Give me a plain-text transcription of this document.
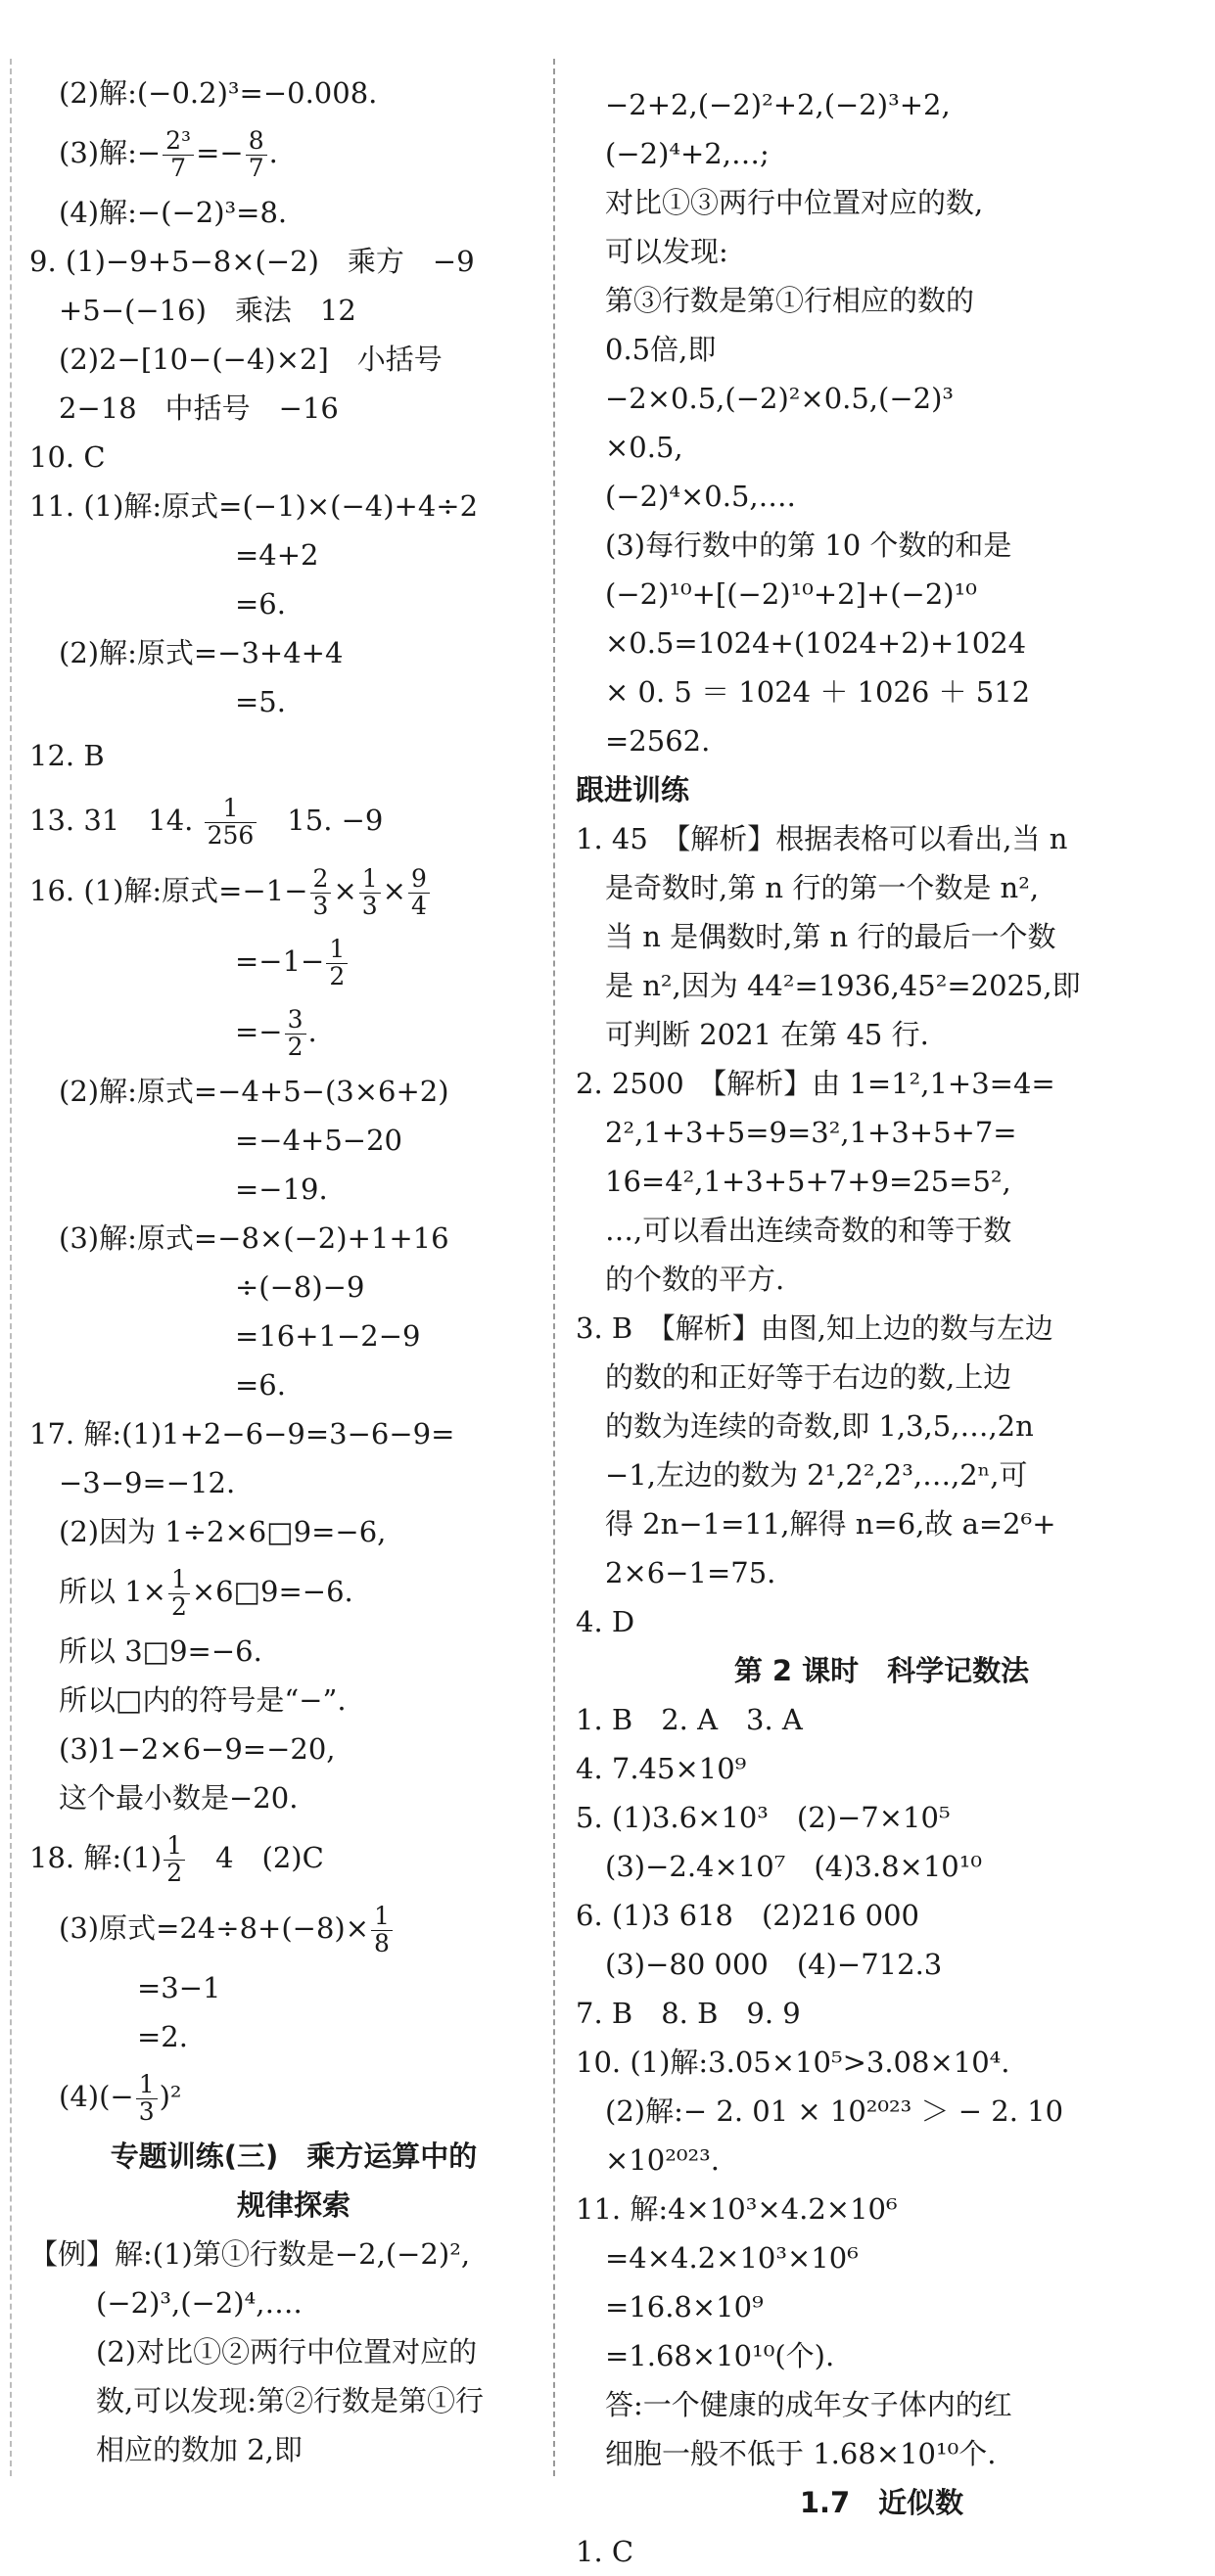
(2)解:(−0.2)³=−0.008.
(3)解:− $\frac{\text{2³}}{7} =- \frac{8}{7}$ .
(4)解:−(−2)³=8.
9. (1)−9+5−8×(−2)　乘方　−9
+5−(−16)　乘法　12
(2)2−[10−(−4)×2]　小括号
2−18　中括号　−16
10. C
11. (1)解:原式=(−1)×(−4)+4÷2
=4+2
=6.
(2)解:原式=−3+4+4
=5.
12. B
13. 31　14. $\frac{1}{256}$ 　15. −9
16. (1)解:原式$=-1- \frac{2}{3} \times \frac{1}{3} \times \frac{9}{4}$
$=-1- \frac{1}{2}$
=− $\frac{3}{2}$ .
(2)解:原式=−4+5−(3×6+2)
=−4+5−20
=−19.
(3)解:原式=−8×(−2)+1+16
÷(−8)−9
=16+1−2−9
=6.
17. 解:(1)1+2−6−9=3−6−9=
−3−9=−12.
(2)因为 1÷2×6□9=−6,
所以 $1\times \frac{1}{2}$ ×6□9=−6.
所以 3□9=−6.
所以□内的符号是“−”.
(3)1−2×6−9=−20,
这个最小数是−20.
18. 解:(1) $\frac{1}{2}$ 　4　(2)C
(3)原式$=24\div 8+(-8)\times \frac{1}{8}$
=3−1
=2.
$(4)(- \frac{1}{3} )^2$
专题训练(三)　乘方运算中的
规律探索
【例】解:(1)第①行数是−2,(−2)²,
(−2)³,(−2)⁴,….
(2)对比①②两行中位置对应的
数,可以发现:第②行数是第①行
相应的数加 2,即
−2+2,(−2)²+2,(−2)³+2,
(−2)⁴+2,…;
对比①③两行中位置对应的数,
可以发现:
第③行数是第①行相应的数的
0.5倍,即
−2×0.5,(−2)²×0.5,(−2)³
×0.5,
(−2)⁴×0.5,….
(3)每行数中的第 10 个数的和是
(−2)¹⁰+[(−2)¹⁰+2]+(−2)¹⁰
×0.5=1024+(1024+2)+1024
× 0. 5 ＝ 1024 ＋ 1026 ＋ 512
=2562.
跟进训练
1. 45　【解析】根据表格可以看出,当 n
是奇数时,第 n 行的第一个数是 n²,
当 n 是偶数时,第 n 行的最后一个数
是 n²,因为 44²=1936,45²=2025,即
可判断 2021 在第 45 行.
2. 2500　【解析】由 1=1²,1+3=4=
2²,1+3+5=9=3²,1+3+5+7=
16=4²,1+3+5+7+9=25=5²,
…,可以看出连续奇数的和等于数
的个数的平方.
3. B　【解析】由图,知上边的数与左边
的数的和正好等于右边的数,上边
的数为连续的奇数,即 1,3,5,…,2n
−1,左边的数为 2¹,2²,2³,…,2ⁿ,可
得 2n−1=11,解得 n=6,故 a=2⁶+
2×6−1=75.
4. D
第 2 课时　科学记数法
1. B　2. A　3. A
4. 7.45×10⁹
5. (1)3.6×10³　(2)−7×10⁵
(3)−2.4×10⁷　(4)3.8×10¹⁰
6. (1)3 618　(2)216 000
(3)−80 000　(4)−712.3
7. B　8. B　9. 9
10. (1)解:3.05×10⁵>3.08×10⁴.
(2)解:− 2. 01 × 10²⁰²³ ＞ − 2. 10
×10²⁰²³.
11. 解:4×10³×4.2×10⁶
=4×4.2×10³×10⁶
=16.8×10⁹
=1.68×10¹⁰(个).
答:一个健康的成年女子体内的红
细胞一般不低于 1.68×10¹⁰个.
1.7　近似数
1. C
